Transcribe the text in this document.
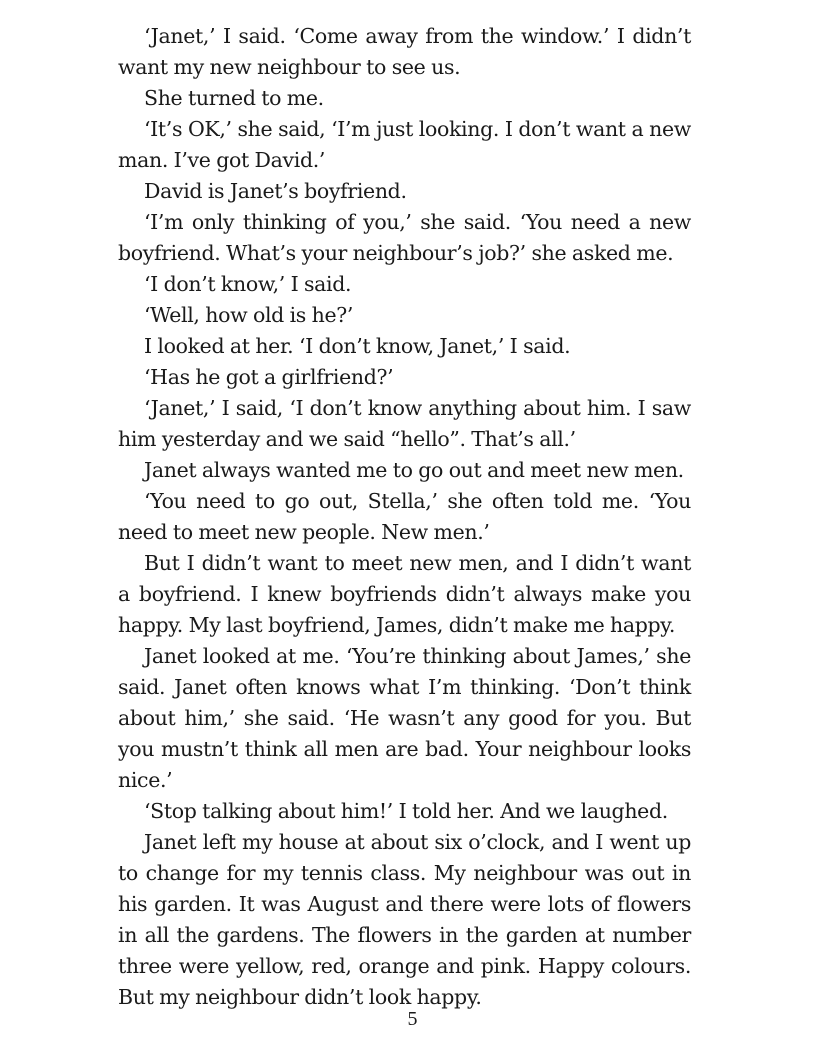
‘Janet,’ I said. ‘Come away from the window.’ I didn’t want my new neighbour to see us.

She turned to me.

‘It’s OK,’ she said, ‘I’m just looking. I don’t want a new man. I’ve got David.’

David is Janet’s boyfriend.

‘I’m only thinking of you,’ she said. ‘You need a new boyfriend. What’s your neighbour’s job?’ she asked me.

‘I don’t know,’ I said.

‘Well, how old is he?’

I looked at her. ‘I don’t know, Janet,’ I said.

‘Has he got a girlfriend?’

‘Janet,’ I said, ‘I don’t know anything about him. I saw him yesterday and we said “hello”. That’s all.’

Janet always wanted me to go out and meet new men.

‘You need to go out, Stella,’ she often told me. ‘You need to meet new people. New men.’

But I didn’t want to meet new men, and I didn’t want a boyfriend. I knew boyfriends didn’t always make you happy. My last boyfriend, James, didn’t make me happy.

Janet looked at me. ‘You’re thinking about James,’ she said. Janet often knows what I’m thinking. ‘Don’t think about him,’ she said. ‘He wasn’t any good for you. But you mustn’t think all men are bad. Your neighbour looks nice.’

‘Stop talking about him!’ I told her. And we laughed.

Janet left my house at about six o’clock, and I went up to change for my tennis class. My neighbour was out in his garden. It was August and there were lots of flowers in all the gardens. The flowers in the garden at number three were yellow, red, orange and pink. Happy colours. But my neighbour didn’t look happy.

5
